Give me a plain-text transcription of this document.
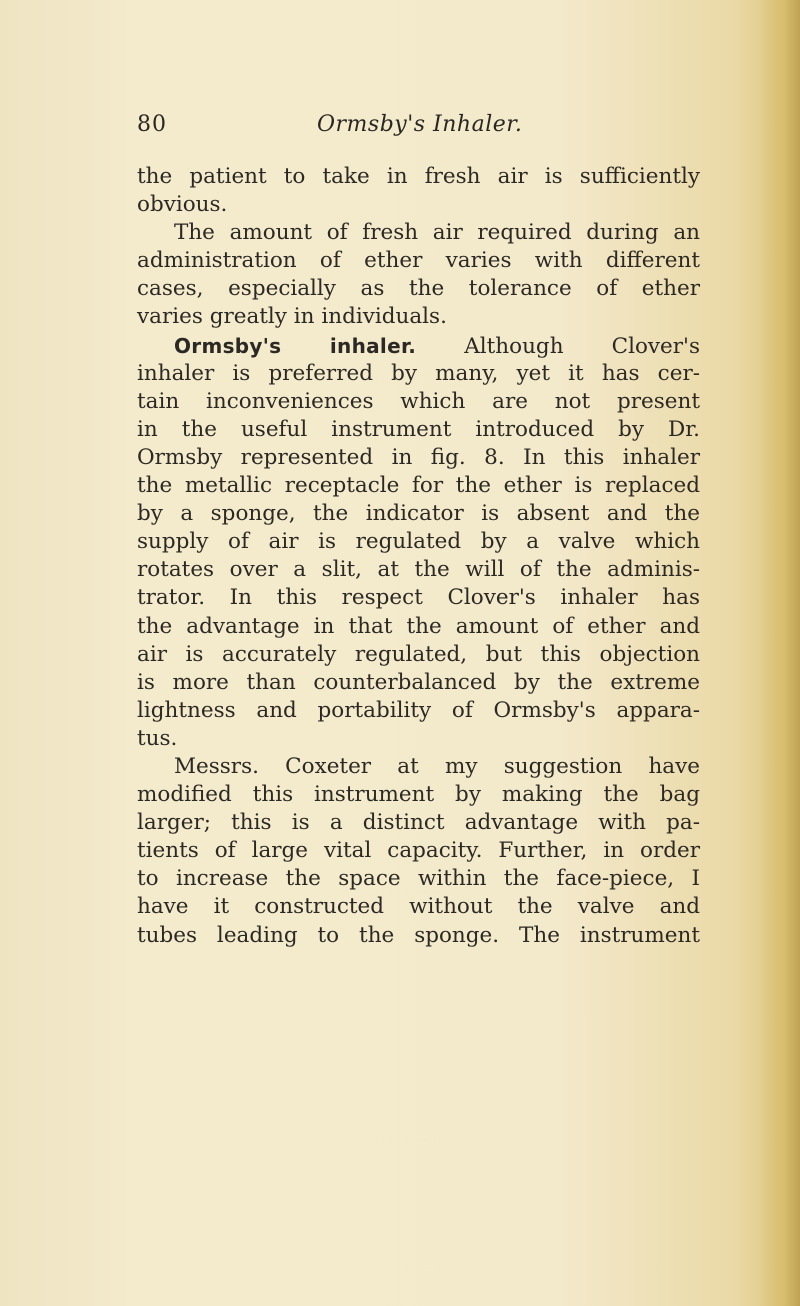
80	Ormsby's Inhaler.
the patient to take in fresh air is sufficiently
obvious.
The amount of fresh air required during an
administration of ether varies with different
cases, especially as the tolerance of ether
varies greatly in individuals.
Ormsby's inhaler. Although Clover's
inhaler is preferred by many, yet it has cer-
tain inconveniences which are not present
in the useful instrument introduced by Dr.
Ormsby represented in fig. 8. In this inhaler
the metallic receptacle for the ether is replaced
by a sponge, the indicator is absent and the
supply of air is regulated by a valve which
rotates over a slit, at the will of the adminis-
trator. In this respect Clover's inhaler has
the advantage in that the amount of ether and
air is accurately regulated, but this objection
is more than counterbalanced by the extreme
lightness and portability of Ormsby's appara-
tus.
Messrs. Coxeter at my suggestion have
modified this instrument by making the bag
larger; this is a distinct advantage with pa-
tients of large vital capacity. Further, in order
to increase the space within the face-piece, I
have it constructed without the valve and
tubes leading to the sponge. The instrument
